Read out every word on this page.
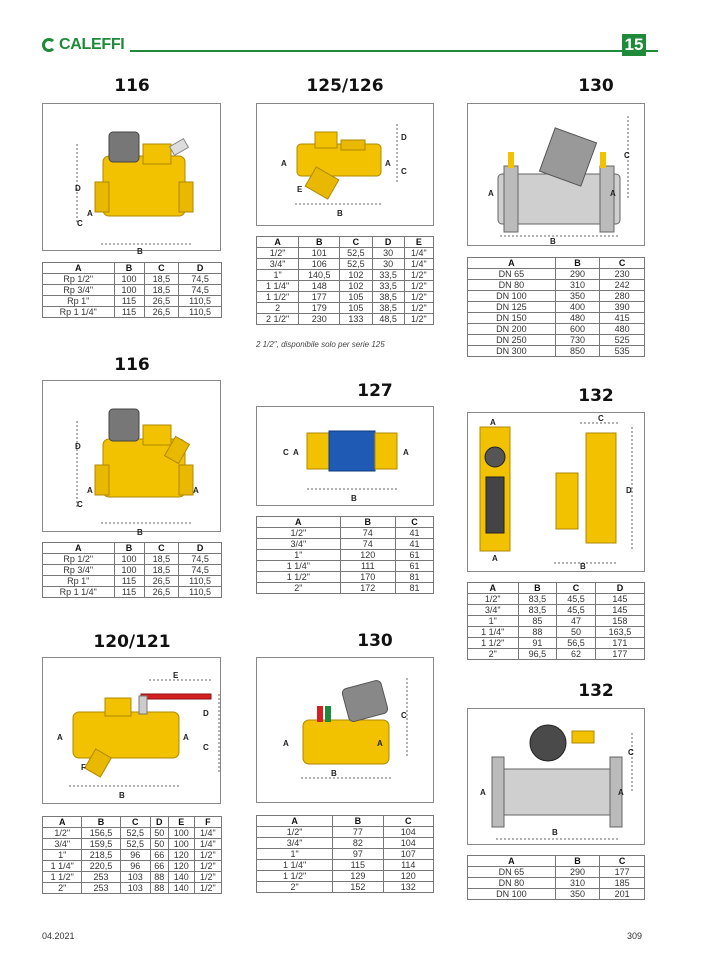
CALEFFI	15
116
D
A
C
B
A	B	C	D
Rp 1/2"	100	18,5	74,5
Rp 3/4"	100	18,5	74,5
Rp 1"	115	26,5	110,5
Rp 1 1/4"	115	26,5	110,5
116
D
A
C
A
B
A	B	C	D
Rp 1/2"	100	18,5	74,5
Rp 3/4"	100	18,5	74,5
Rp 1"	115	26,5	110,5
Rp 1 1/4"	115	26,5	110,5
120/121
E
A	A
D
C
F
B
A	B	C	D	E	F
1/2"	156,5	52,5	50	100	1/4"
3/4"	159,5	52,5	50	100	1/4"
1"	218,5	96	66	120	1/2"
1 1/4"	220,5	96	66	120	1/2"
1 1/2"	253	103	88	140	1/2"
2"	253	103	88	140	1/2"
125/126
A	A
D
C
E
B
A	B	C	D	E
1/2"	101	52,5	30	1/4"
3/4"	106	52,5	30	1/4"
1"	140,5	102	33,5	1/2"
1 1/4"	148	102	33,5	1/2"
1 1/2"	177	105	38,5	1/2"
2	179	105	38,5	1/2"
2 1/2"	230	133	48,5	1/2"
2 1/2", disponibile solo per serie 125
127
C A	A
B
A	B	C
1/2"	74	41
3/4"	74	41
1"	120	61
1 1/4"	111	61
1 1/2"	170	81
2"	172	81
130
A	A
C
B
A	B	C
1/2"	77	104
3/4"	82	104
1"	97	107
1 1/4"	115	114
1 1/2"	129	120
2"	152	132
130
A	A
C
B
A	B	C
DN 65	290	230
DN 80	310	242
DN 100	350	280
DN 125	400	390
DN 150	480	415
DN 200	600	480
DN 250	730	525
DN 300	850	535
132
A	C
D
B
A
A	B	C	D
1/2"	83,5	45,5	145
3/4"	83,5	45,5	145
1"	85	47	158
1 1/4"	88	50	163,5
1 1/2"	91	56,5	171
2"	96,5	62	177
132
A	A
C
B
A	B	C
DN 65	290	177
DN 80	310	185
DN 100	350	201
04.2021	309
